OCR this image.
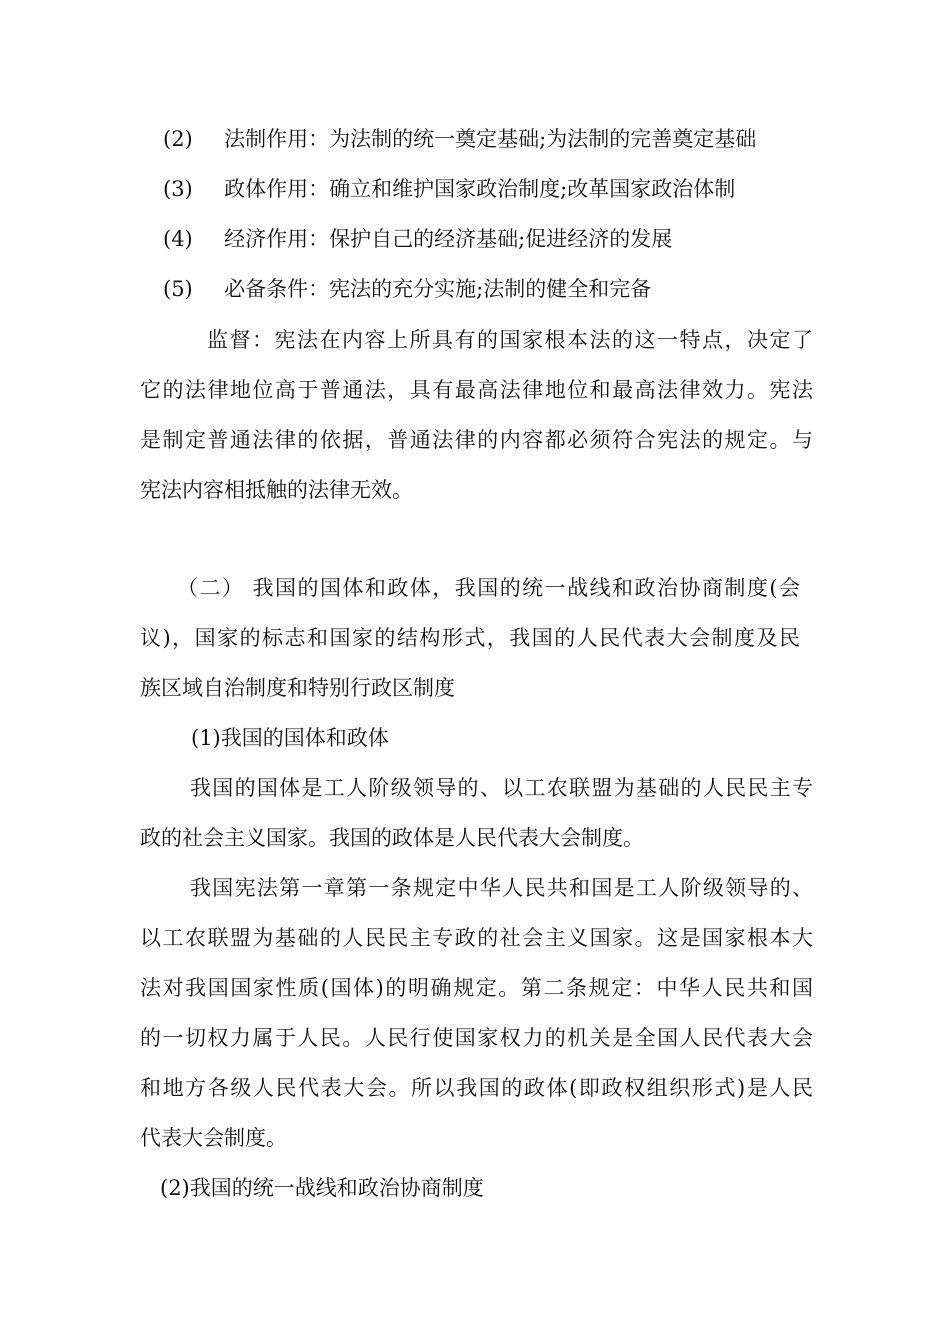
(2) 法制作用：为法制的统一奠定基础;为法制的完善奠定基础
(3) 政体作用：确立和维护国家政治制度;改革国家政治体制
(4) 经济作用：保护自己的经济基础;促进经济的发展
(5) 必备条件：宪法的充分实施;法制的健全和完备
监督：宪法在内容上所具有的国家根本法的这一特点，决定了
它的法律地位高于普通法，具有最高法律地位和最高法律效力。宪法
是制定普通法律的依据，普通法律的内容都必须符合宪法的规定。与
宪法内容相抵触的法律无效。
（二） 我国的国体和政体，我国的统一战线和政治协商制度(会
议)，国家的标志和国家的结构形式，我国的人民代表大会制度及民
族区域自治制度和特别行政区制度
(1)我国的国体和政体
我国的国体是工人阶级领导的、以工农联盟为基础的人民民主专
政的社会主义国家。我国的政体是人民代表大会制度。
我国宪法第一章第一条规定中华人民共和国是工人阶级领导的、
以工农联盟为基础的人民民主专政的社会主义国家。这是国家根本大
法对我国国家性质(国体)的明确规定。第二条规定：中华人民共和国
的一切权力属于人民。人民行使国家权力的机关是全国人民代表大会
和地方各级人民代表大会。所以我国的政体(即政权组织形式)是人民
代表大会制度。
(2)我国的统一战线和政治协商制度
